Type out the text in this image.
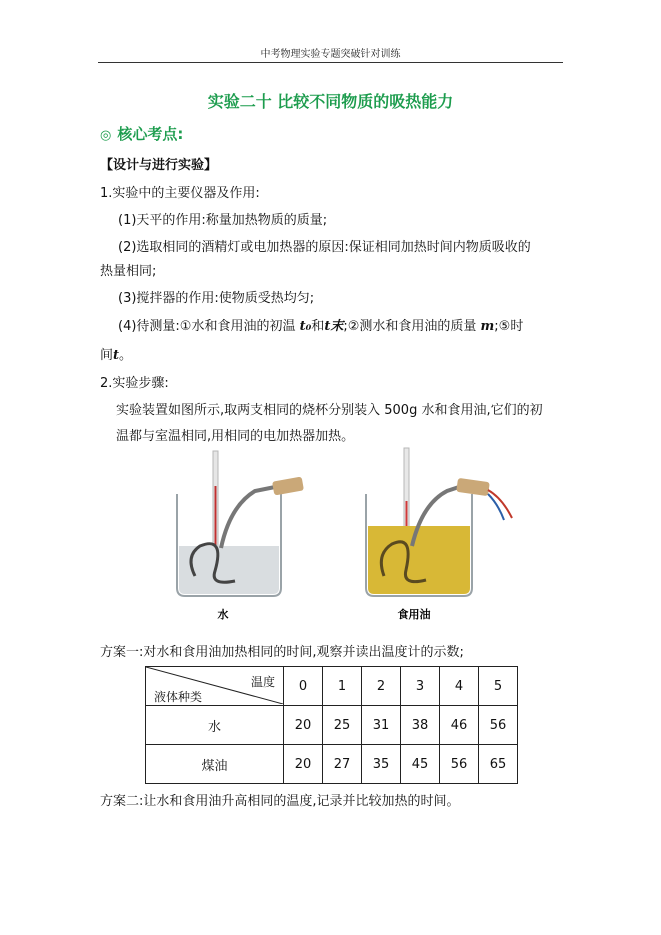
中考物理实验专题突破针对训练
实验二十 比较不同物质的吸热能力
◎ 核心考点:
【设计与进行实验】
1.实验中的主要仪器及作用:
(1)天平的作用:称量加热物质的质量;
(2)选取相同的酒精灯或电加热器的原因:保证相同加热时间内物质吸收的
热量相同;
(3)搅拌器的作用:使物质受热均匀;
(4)待测量:①水和食用油的初温 t₀和t末;②测水和食用油的质量 m;⑤时
间t。
2.实验步骤:
实验装置如图所示,取两支相同的烧杯分别装入 500g 水和食用油,它们的初
温都与室温相同,用相同的电加热器加热。
水	食用油
方案一:对水和食用油加热相同的时间,观察并读出温度计的示数;
温度
液体种类	0	1	2	3	4	5
水	20	25	31	38	46	56
煤油	20	27	35	45	56	65
方案二:让水和食用油升高相同的温度,记录并比较加热的时间。
